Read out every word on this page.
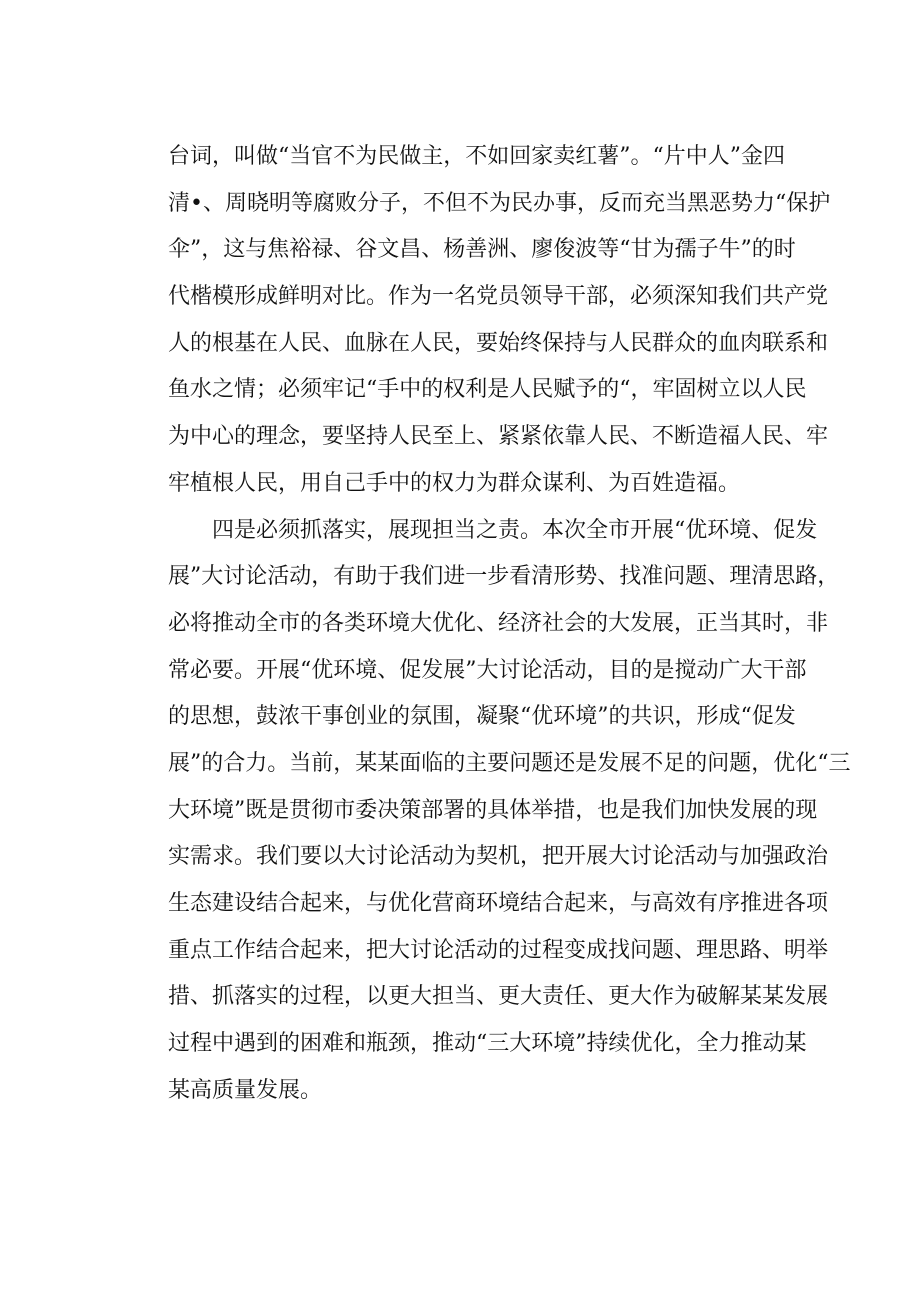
台词，叫做“当官不为民做主，不如回家卖红薯”。“片中人”金四
清•、周晓明等腐败分子，不但不为民办事，反而充当黑恶势力“保护
伞”，这与焦裕禄、谷文昌、杨善洲、廖俊波等“甘为孺子牛”的时
代楷模形成鲜明对比。作为一名党员领导干部，必须深知我们共产党
人的根基在人民、血脉在人民，要始终保持与人民群众的血肉联系和
鱼水之情；必须牢记“手中的权利是人民赋予的“，牢固树立以人民
为中心的理念，要坚持人民至上、紧紧依靠人民、不断造福人民、牢
牢植根人民，用自己手中的权力为群众谋利、为百姓造福。
　　四是必须抓落实，展现担当之责。本次全市开展“优环境、促发
展”大讨论活动，有助于我们进一步看清形势、找准问题、理清思路，
必将推动全市的各类环境大优化、经济社会的大发展，正当其时，非
常必要。开展“优环境、促发展”大讨论活动，目的是搅动广大干部
的思想，鼓浓干事创业的氛围，凝聚“优环境”的共识，形成“促发
展”的合力。当前，某某面临的主要问题还是发展不足的问题，优化“三
大环境”既是贯彻市委决策部署的具体举措，也是我们加快发展的现
实需求。我们要以大讨论活动为契机，把开展大讨论活动与加强政治
生态建设结合起来，与优化营商环境结合起来，与高效有序推进各项
重点工作结合起来，把大讨论活动的过程变成找问题、理思路、明举
措、抓落实的过程，以更大担当、更大责任、更大作为破解某某发展
过程中遇到的困难和瓶颈，推动“三大环境”持续优化，全力推动某
某高质量发展。
